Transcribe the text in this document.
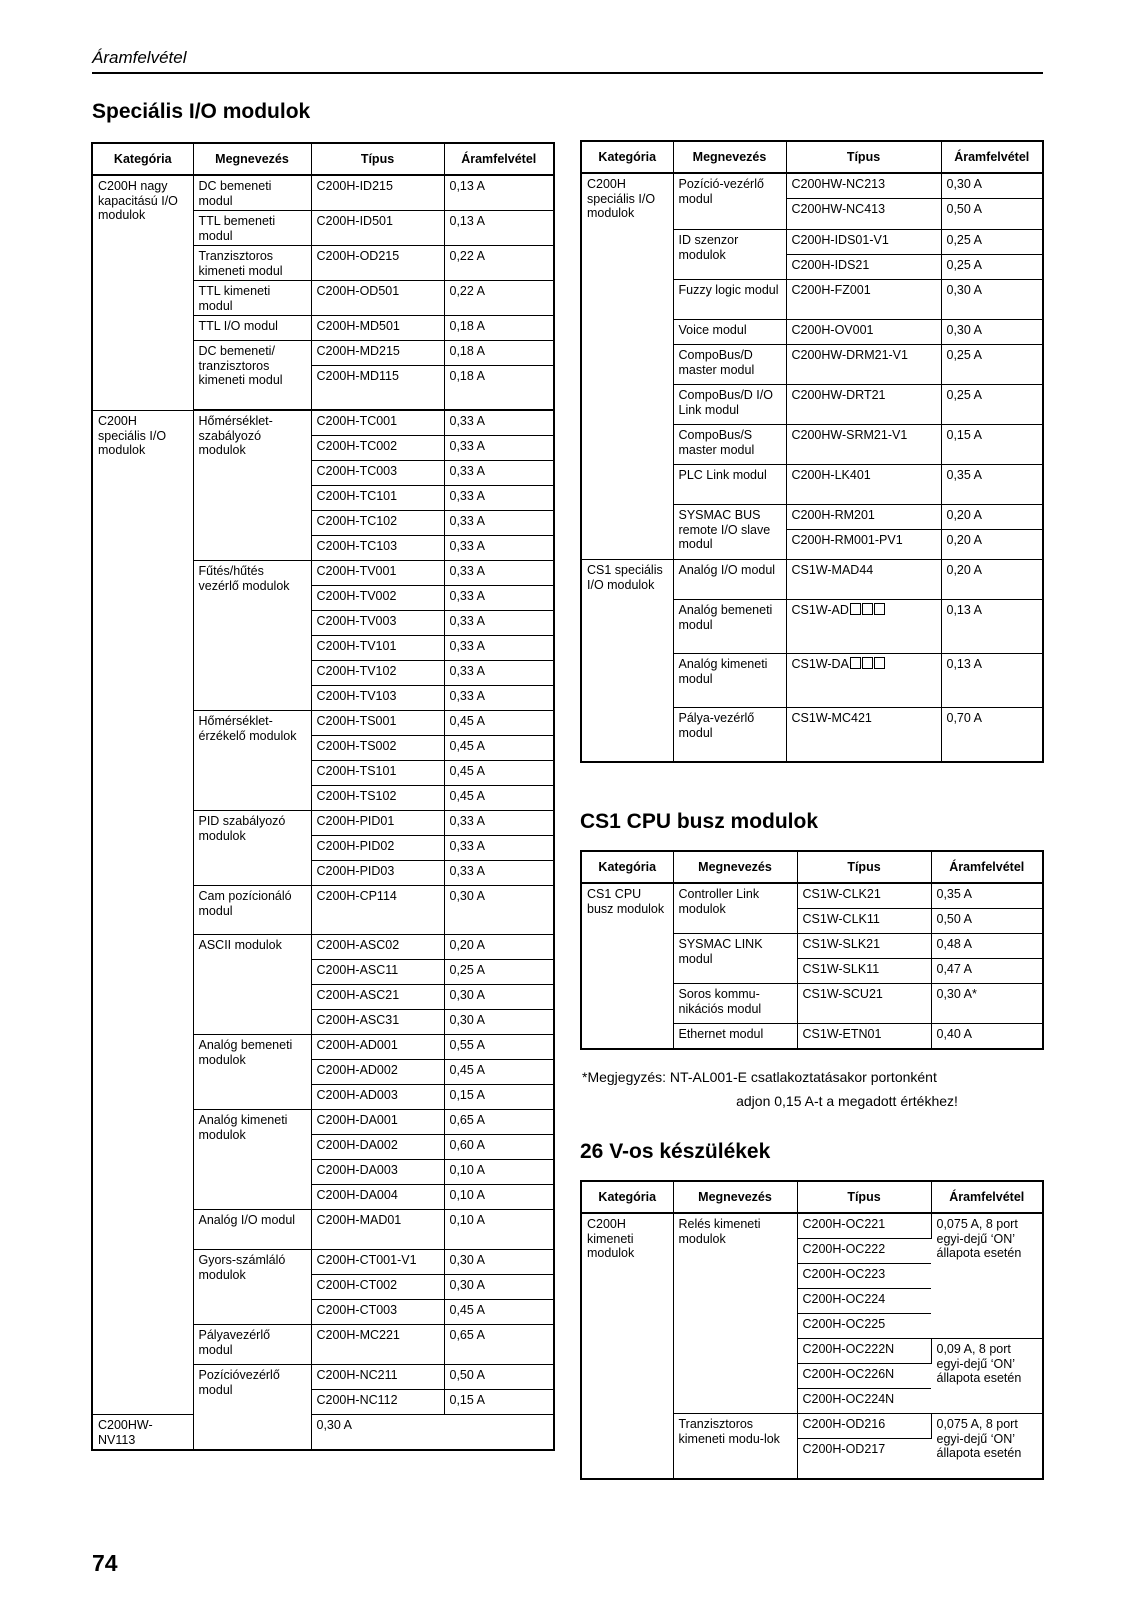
Áramfelvétel
Speciális I/O modulok
Kategória	Megnevezés	Típus	Áramfelvétel
C200H nagy kapacitású I/O modulok	DC bemeneti modul	C200H-ID215	0,13 A
	TTL bemeneti modul	C200H-ID501	0,13 A
	Tranzisztoros kimeneti modul	C200H-OD215	0,22 A
	TTL kimeneti modul	C200H-OD501	0,22 A
	TTL I/O modul	C200H-MD501	0,18 A
	DC bemeneti/ tranzisztoros kimeneti modul	C200H-MD215	0,18 A
		C200H-MD115	0,18 A

C200H speciális I/O modulok	Hőmérséklet-szabályozó modulok	C200H-TC001	0,33 A
		C200H-TC002	0,33 A
		C200H-TC003	0,33 A
		C200H-TC101	0,33 A
		C200H-TC102	0,33 A
		C200H-TC103	0,33 A
	Fűtés/hűtés vezérlő modulok	C200H-TV001	0,33 A
		C200H-TV002	0,33 A
		C200H-TV003	0,33 A
		C200H-TV101	0,33 A
		C200H-TV102	0,33 A
		C200H-TV103	0,33 A
	Hőmérséklet-érzékelő modulok	C200H-TS001	0,45 A
		C200H-TS002	0,45 A
		C200H-TS101	0,45 A
		C200H-TS102	0,45 A
	PID szabályozó modulok	C200H-PID01	0,33 A
		C200H-PID02	0,33 A
		C200H-PID03	0,33 A
	Cam pozícionáló modul	C200H-CP114	0,30 A
	ASCII modulok	C200H-ASC02	0,20 A
		C200H-ASC11	0,25 A
		C200H-ASC21	0,30 A
		C200H-ASC31	0,30 A
	Analóg bemeneti modulok	C200H-AD001	0,55 A
		C200H-AD002	0,45 A
		C200H-AD003	0,15 A
	Analóg kimeneti modulok	C200H-DA001	0,65 A
		C200H-DA002	0,60 A
		C200H-DA003	0,10 A
		C200H-DA004	0,10 A
	Analóg I/O modul	C200H-MAD01	0,10 A
	Gyors-számláló modulok	C200H-CT001-V1	0,30 A
		C200H-CT002	0,30 A
		C200H-CT003	0,45 A
	Pályavezérlő modul	C200H-MC221	0,65 A
	Pozícióvezérlő modul	C200H-NC211	0,50 A
		C200H-NC112	0,15 A
C200HW-NV113		0,30 A	
Kategória	Megnevezés	Típus	Áramfelvétel
C200H speciális I/O modulok	Pozíció-vezérlő modul	C200HW-NC213	0,30 A
		C200HW-NC413	0,50 A
	ID szenzor modulok	C200H-IDS01-V1	0,25 A
		C200H-IDS21	0,25 A
	Fuzzy logic modul	C200H-FZ001	0,30 A
	Voice modul	C200H-OV001	0,30 A
	CompoBus/D master modul	C200HW-DRM21-V1	0,25 A
	CompoBus/D I/O Link modul	C200HW-DRT21	0,25 A
	CompoBus/S master modul	C200HW-SRM21-V1	0,15 A
	PLC Link modul	C200H-LK401	0,35 A
	SYSMAC BUS remote I/O slave modul	C200H-RM201	0,20 A
		C200H-RM001-PV1	0,20 A
CS1 speciális I/O modulok	Analóg I/O modul	CS1W-MAD44	0,20 A
	Analóg bemeneti modul	CS1W-AD	0,13 A
	Analóg kimeneti modul	CS1W-DA	0,13 A
	Pálya-vezérlő modul	CS1W-MC421	0,70 A
CS1 CPU busz modulok
Kategória	Megnevezés	Típus	Áramfelvétel
CS1 CPU busz modulok	Controller Link modulok	CS1W-CLK21	0,35 A
		CS1W-CLK11	0,50 A
	SYSMAC LINK modul	CS1W-SLK21	0,48 A
		CS1W-SLK11	0,47 A
	Soros kommu-nikációs modul	CS1W-SCU21	0,30 A*
	Ethernet modul	CS1W-ETN01	0,40 A
*Megjegyzés: NT-AL001-E csatlakoztatásakor portonként
adjon 0,15 A-t a megadott értékhez!
26 V-os készülékek
Kategória	Megnevezés	Típus	Áramfelvétel
C200H kimeneti modulok	Relés kimeneti modulok	C200H-OC221	0,075 A, 8 port egyi-dejű ‘ON’ állapota esetén
		C200H-OC222	
		C200H-OC223	
		C200H-OC224	
		C200H-OC225	
		C200H-OC222N	0,09 A, 8 port egyi-dejű ‘ON’ állapota esetén
		C200H-OC226N	
		C200H-OC224N	
	Tranzisztoros kimeneti modu-lok	C200H-OD216	0,075 A, 8 port egyi-dejű ‘ON’ állapota esetén
		C200H-OD217	
74
